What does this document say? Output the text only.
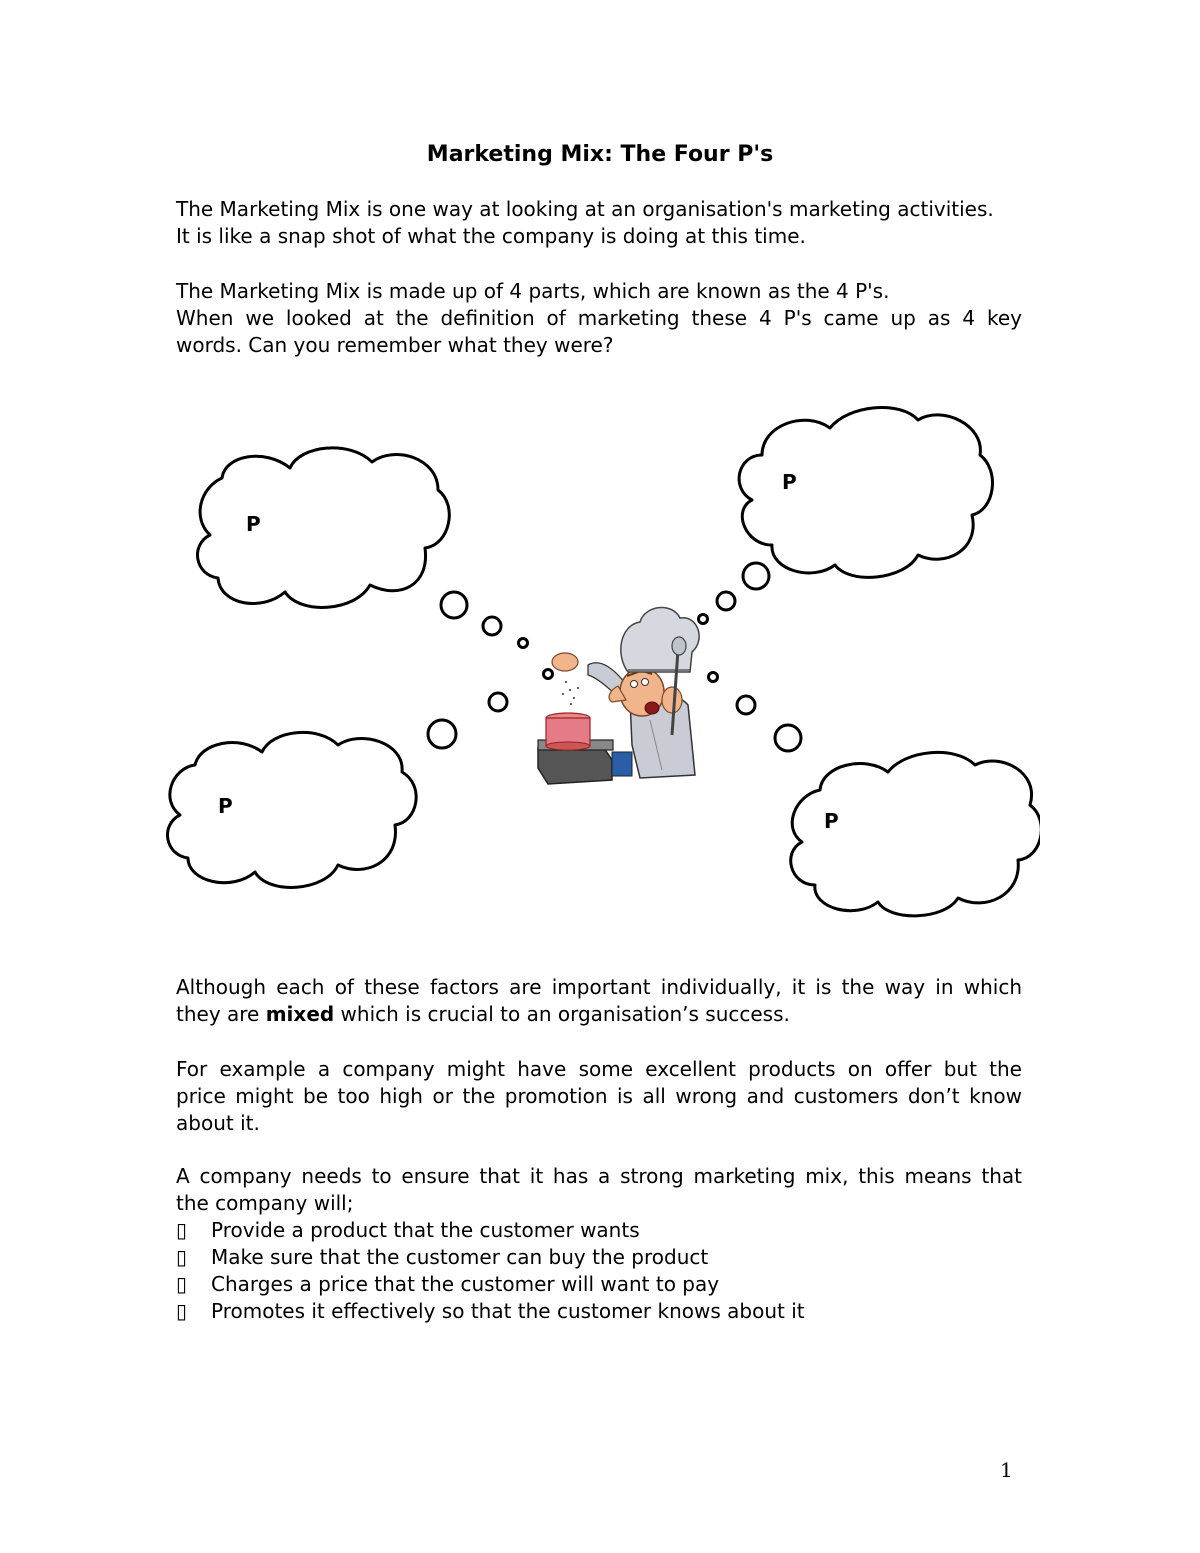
Marketing Mix: The Four P's

The Marketing Mix is one way at looking at an organisation's marketing activities.
It is like a snap shot of what the company is doing at this time.

The Marketing Mix is made up of 4 parts, which are known as the 4 P's.
When we looked at the definition of marketing these 4 P's came up as 4 key
words. Can you remember what they were?

P
P
P
P

Although each of these factors are important individually, it is the way in which
they are mixed which is crucial to an organisation’s success.

For example a company might have some excellent products on offer but the
price might be too high or the promotion is all wrong and customers don’t know
about it.

A company needs to ensure that it has a strong marketing mix, this means that
the company will;

▯	Provide a product that the customer wants
▯	Make sure that the customer can buy the product
▯	Charges a price that the customer will want to pay
▯	Promotes it effectively so that the customer knows about it
1
